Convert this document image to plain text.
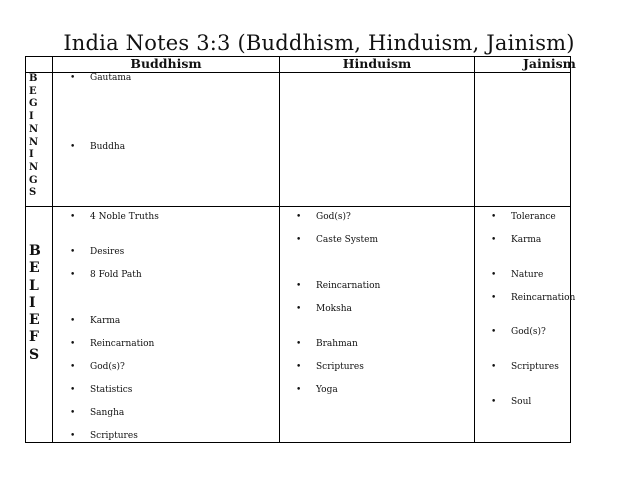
India Notes 3:3 (Buddhism, Hinduism, Jainism)
Buddhism	Hinduism	Jainism
B
E
G
I
N
N
I
N
G
S
B
E
L
I
E
F
S
• Gautama
• Buddha
• 4 Noble Truths
• Desires
• 8 Fold Path
• Karma
• Reincarnation
• God(s)?
• Statistics
• Sangha
• Scriptures
• God(s)?
• Caste System
• Reincarnation
• Moksha
• Brahman
• Scriptures
• Yoga
• Tolerance
• Karma
• Nature
• Reincarnation
• God(s)?
• Scriptures
• Soul
